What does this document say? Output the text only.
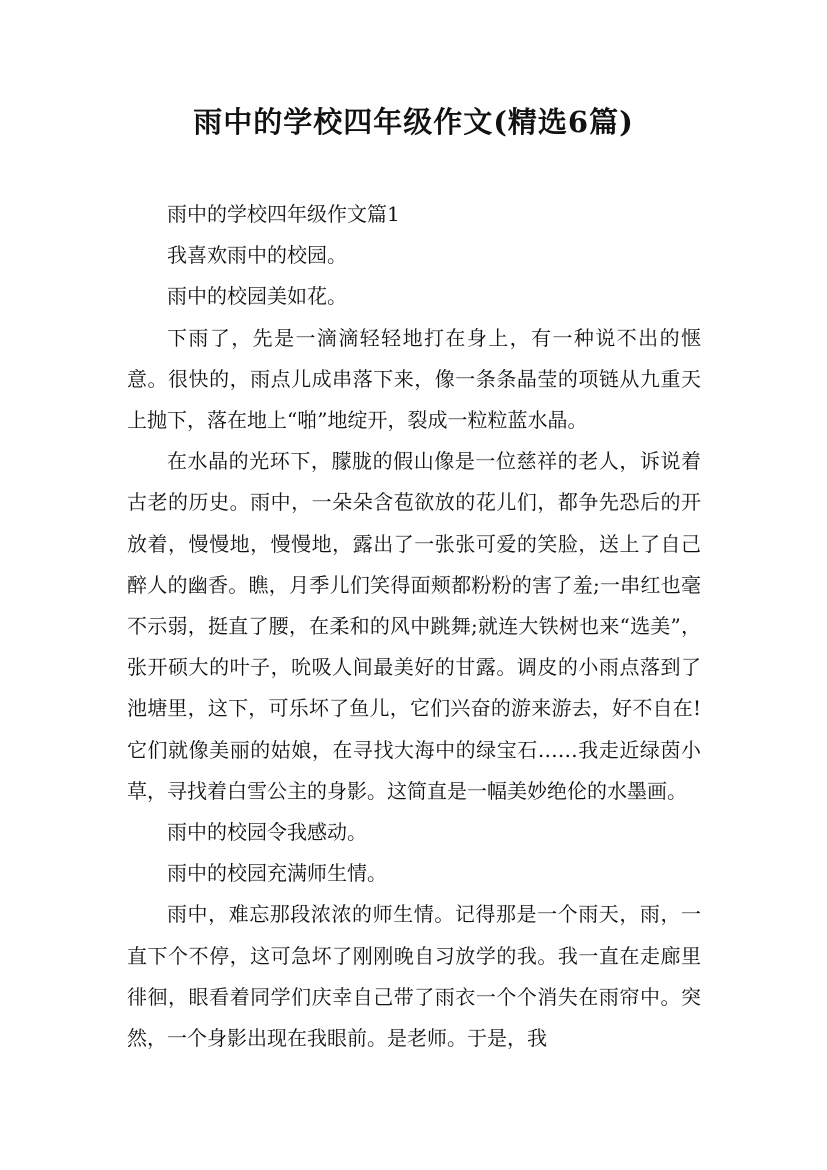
雨中的学校四年级作文(精选6篇)

雨中的学校四年级作文篇1

我喜欢雨中的校园。

雨中的校园美如花。

下雨了，先是一滴滴轻轻地打在身上，有一种说不出的惬意。很快的，雨点儿成串落下来，像一条条晶莹的项链从九重天上抛下，落在地上“啪”地绽开，裂成一粒粒蓝水晶。

在水晶的光环下，朦胧的假山像是一位慈祥的老人，诉说着古老的历史。雨中，一朵朵含苞欲放的花儿们，都争先恐后的开放着，慢慢地，慢慢地，露出了一张张可爱的笑脸，送上了自己醉人的幽香。瞧，月季儿们笑得面颊都粉粉的害了羞;一串红也毫不示弱，挺直了腰，在柔和的风中跳舞;就连大铁树也来“选美”，张开硕大的叶子，吮吸人间最美好的甘露。调皮的小雨点落到了池塘里，这下，可乐坏了鱼儿，它们兴奋的游来游去，好不自在!它们就像美丽的姑娘，在寻找大海中的绿宝石……我走近绿茵小草，寻找着白雪公主的身影。这简直是一幅美妙绝伦的水墨画。

雨中的校园令我感动。

雨中的校园充满师生情。

雨中，难忘那段浓浓的师生情。记得那是一个雨天，雨，一直下个不停，这可急坏了刚刚晚自习放学的我。我一直在走廊里徘徊，眼看着同学们庆幸自己带了雨衣一个个消失在雨帘中。突然，一个身影出现在我眼前。是老师。于是，我
